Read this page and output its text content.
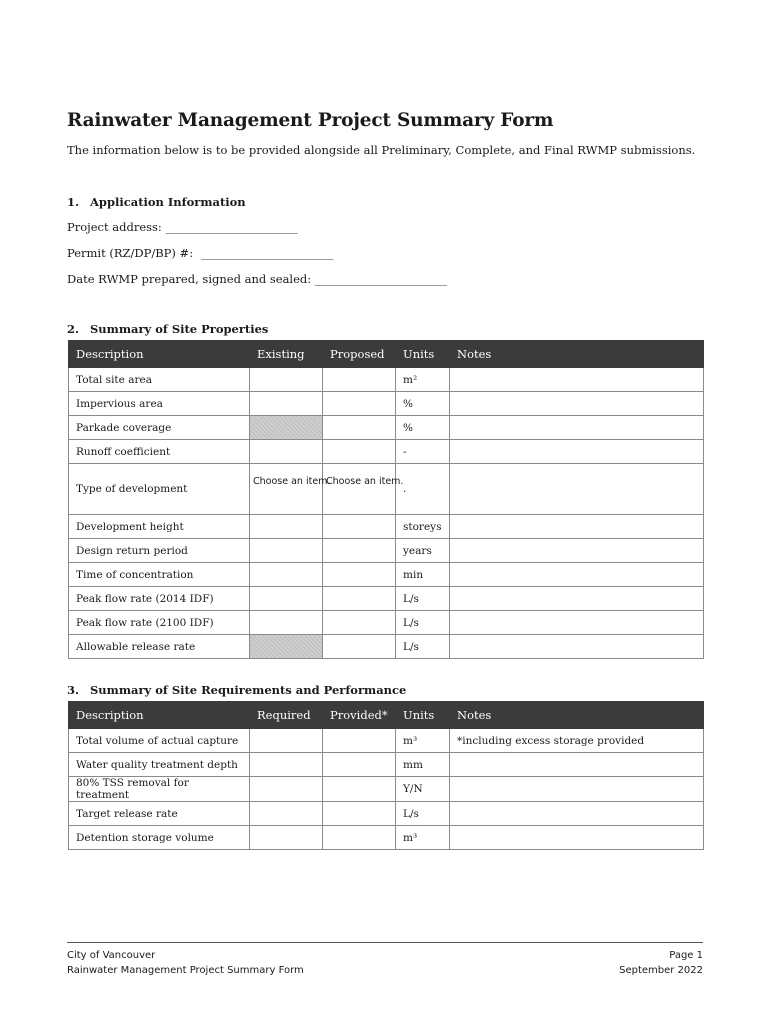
Rainwater Management Project Summary Form
The information below is to be provided alongside all Preliminary, Complete, and Final RWMP submissions.
1. Application Information
Project address: _______________________
Permit (RZ/DP/BP) #: _______________________
Date RWMP prepared, signed and sealed: _______________________
2. Summary of Site Properties
Description	Existing	Proposed	Units	Notes
Total site area			m²	
Impervious area			%	
Parkade coverage			%	
Runoff coefficient			-	
Type of development	Choose an item.	Choose an item.	.	
Development height			storeys	
Design return period			years	
Time of concentration			min	
Peak flow rate (2014 IDF)			L/s	
Peak flow rate (2100 IDF)			L/s	
Allowable release rate			L/s	
3. Summary of Site Requirements and Performance
Description	Required	Provided*	Units	Notes
Total volume of actual capture			m³	*including excess storage provided
Water quality treatment depth			mm	
80% TSS removal for treatment			Y/N	
Target release rate			L/s	
Detention storage volume			m³	
City of Vancouver
Rainwater Management Project Summary Form
Page 1
September 2022
